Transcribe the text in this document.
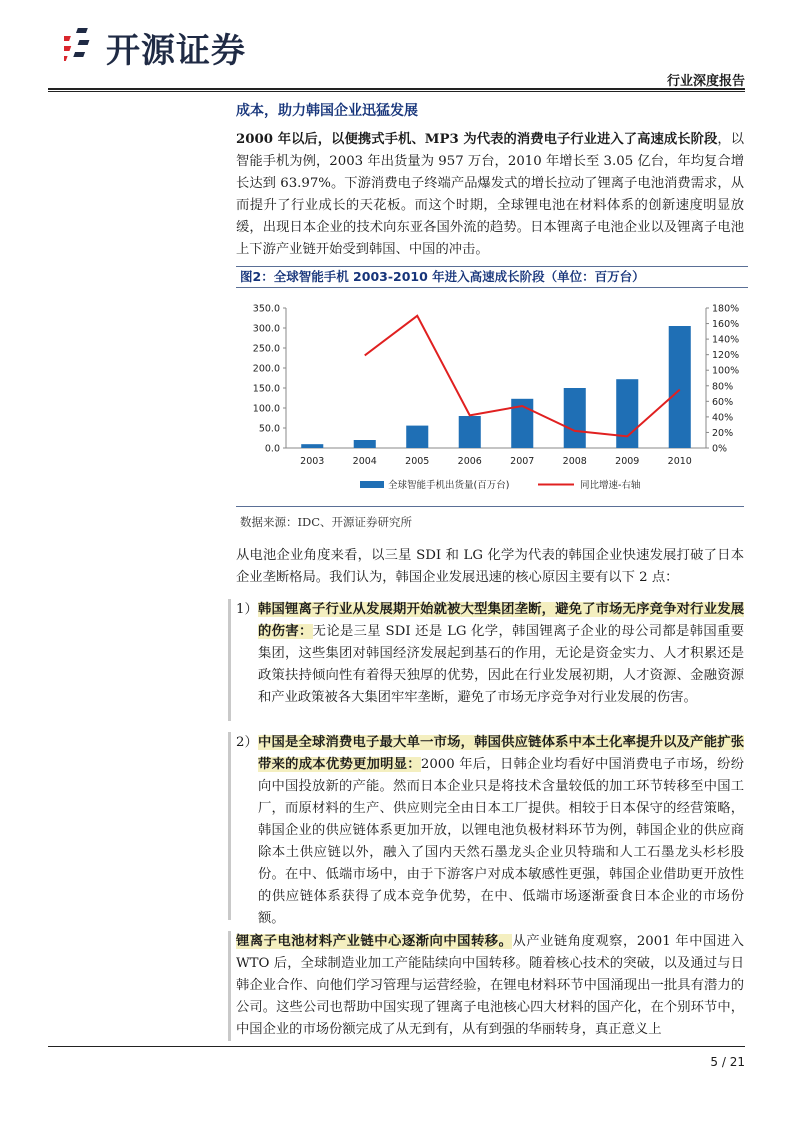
开源证券
行业深度报告
成本，助力韩国企业迅猛发展
2000 年以后，以便携式手机、MP3 为代表的消费电子行业进入了高速成长阶段，以智能手机为例，2003 年出货量为 957 万台，2010 年增长至 3.05 亿台，年均复合增长达到 63.97%。下游消费电子终端产品爆发式的增长拉动了锂离子电池消费需求，从而提升了行业成长的天花板。而这个时期，全球锂电池在材料体系的创新速度明显放缓，出现日本企业的技术向东亚各国外流的趋势。日本锂离子电池企业以及锂离子电池上下游产业链开始受到韩国、中国的冲击。
图2：全球智能手机 2003-2010 年进入高速成长阶段（单位：百万台）
0.0
50.0
100.0
150.0
200.0
250.0
300.0
350.0
0%
20%
40%
60%
80%
100%
120%
140%
160%
180%
2003	2004	2005	2006	2007	2008	2009	2010
全球智能手机出货量(百万台)	同比增速-右轴
数据来源：IDC、开源证券研究所
从电池企业角度来看，以三星 SDI 和 LG 化学为代表的韩国企业快速发展打破了日本企业垄断格局。我们认为，韩国企业发展迅速的核心原因主要有以下 2 点：
1） 韩国锂离子行业从发展期开始就被大型集团垄断，避免了市场无序竞争对行业发展的伤害：无论是三星 SDI 还是 LG 化学，韩国锂离子企业的母公司都是韩国重要集团，这些集团对韩国经济发展起到基石的作用，无论是资金实力、人才积累还是政策扶持倾向性有着得天独厚的优势，因此在行业发展初期，人才资源、金融资源和产业政策被各大集团牢牢垄断，避免了市场无序竞争对行业发展的伤害。
2） 中国是全球消费电子最大单一市场，韩国供应链体系中本土化率提升以及产能扩张带来的成本优势更加明显：2000 年后，日韩企业均看好中国消费电子市场，纷纷向中国投放新的产能。然而日本企业只是将技术含量较低的加工环节转移至中国工厂，而原材料的生产、供应则完全由日本工厂提供。相较于日本保守的经营策略，韩国企业的供应链体系更加开放，以锂电池负极材料环节为例，韩国企业的供应商除本土供应链以外，融入了国内天然石墨龙头企业贝特瑞和人工石墨龙头杉杉股份。在中、低端市场中，由于下游客户对成本敏感性更强，韩国企业借助更开放性的供应链体系获得了成本竞争优势，在中、低端市场逐渐蚕食日本企业的市场份额。
锂离子电池材料产业链中心逐渐向中国转移。从产业链角度观察，2001 年中国进入 WTO 后，全球制造业加工产能陆续向中国转移。随着核心技术的突破，以及通过与日韩企业合作、向他们学习管理与运营经验，在锂电材料环节中国涌现出一批具有潜力的公司。这些公司也帮助中国实现了锂离子电池核心四大材料的国产化，在个别环节中，中国企业的市场份额完成了从无到有，从有到强的华丽转身，真正意义上
5 / 21
